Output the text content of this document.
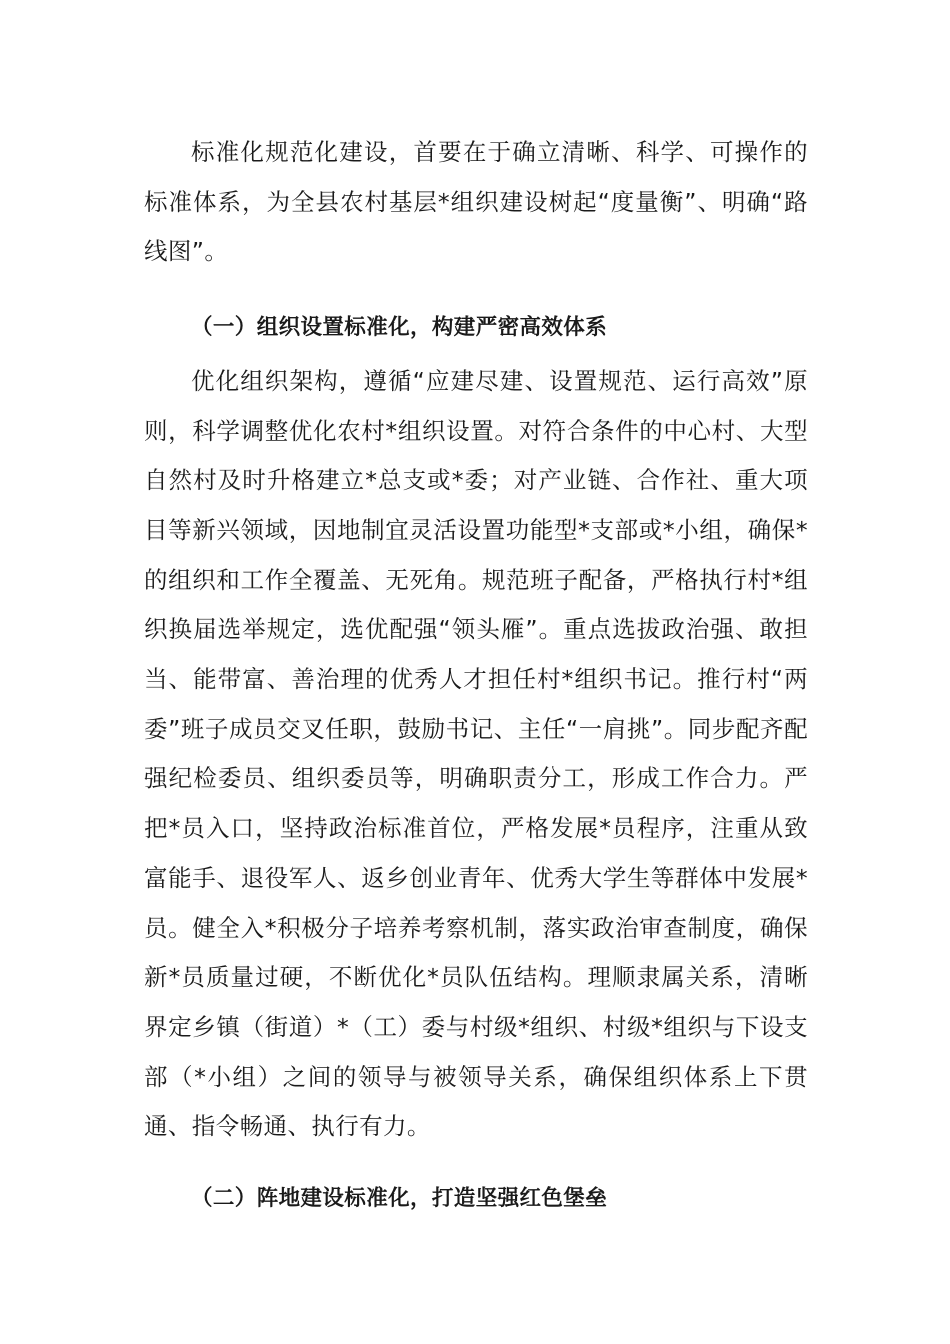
标准化规范化建设，首要在于确立清晰、科学、可操作的标准体系，为全县农村基层*组织建设树起“度量衡”、明确“路线图”。

（一）组织设置标准化，构建严密高效体系

优化组织架构，遵循“应建尽建、设置规范、运行高效”原则，科学调整优化农村*组织设置。对符合条件的中心村、大型自然村及时升格建立*总支或*委；对产业链、合作社、重大项目等新兴领域，因地制宜灵活设置功能型*支部或*小组，确保*的组织和工作全覆盖、无死角。规范班子配备，严格执行村*组织换届选举规定，选优配强“领头雁”。重点选拔政治强、敢担当、能带富、善治理的优秀人才担任村*组织书记。推行村“两委”班子成员交叉任职，鼓励书记、主任“一肩挑”。同步配齐配强纪检委员、组织委员等，明确职责分工，形成工作合力。严把*员入口，坚持政治标准首位，严格发展*员程序，注重从致富能手、退役军人、返乡创业青年、优秀大学生等群体中发展*员。健全入*积极分子培养考察机制，落实政治审查制度，确保新*员质量过硬，不断优化*员队伍结构。理顺隶属关系，清晰界定乡镇（街道）*（工）委与村级*组织、村级*组织与下设支部（*小组）之间的领导与被领导关系，确保组织体系上下贯通、指令畅通、执行有力。

（二）阵地建设标准化，打造坚强红色堡垒
